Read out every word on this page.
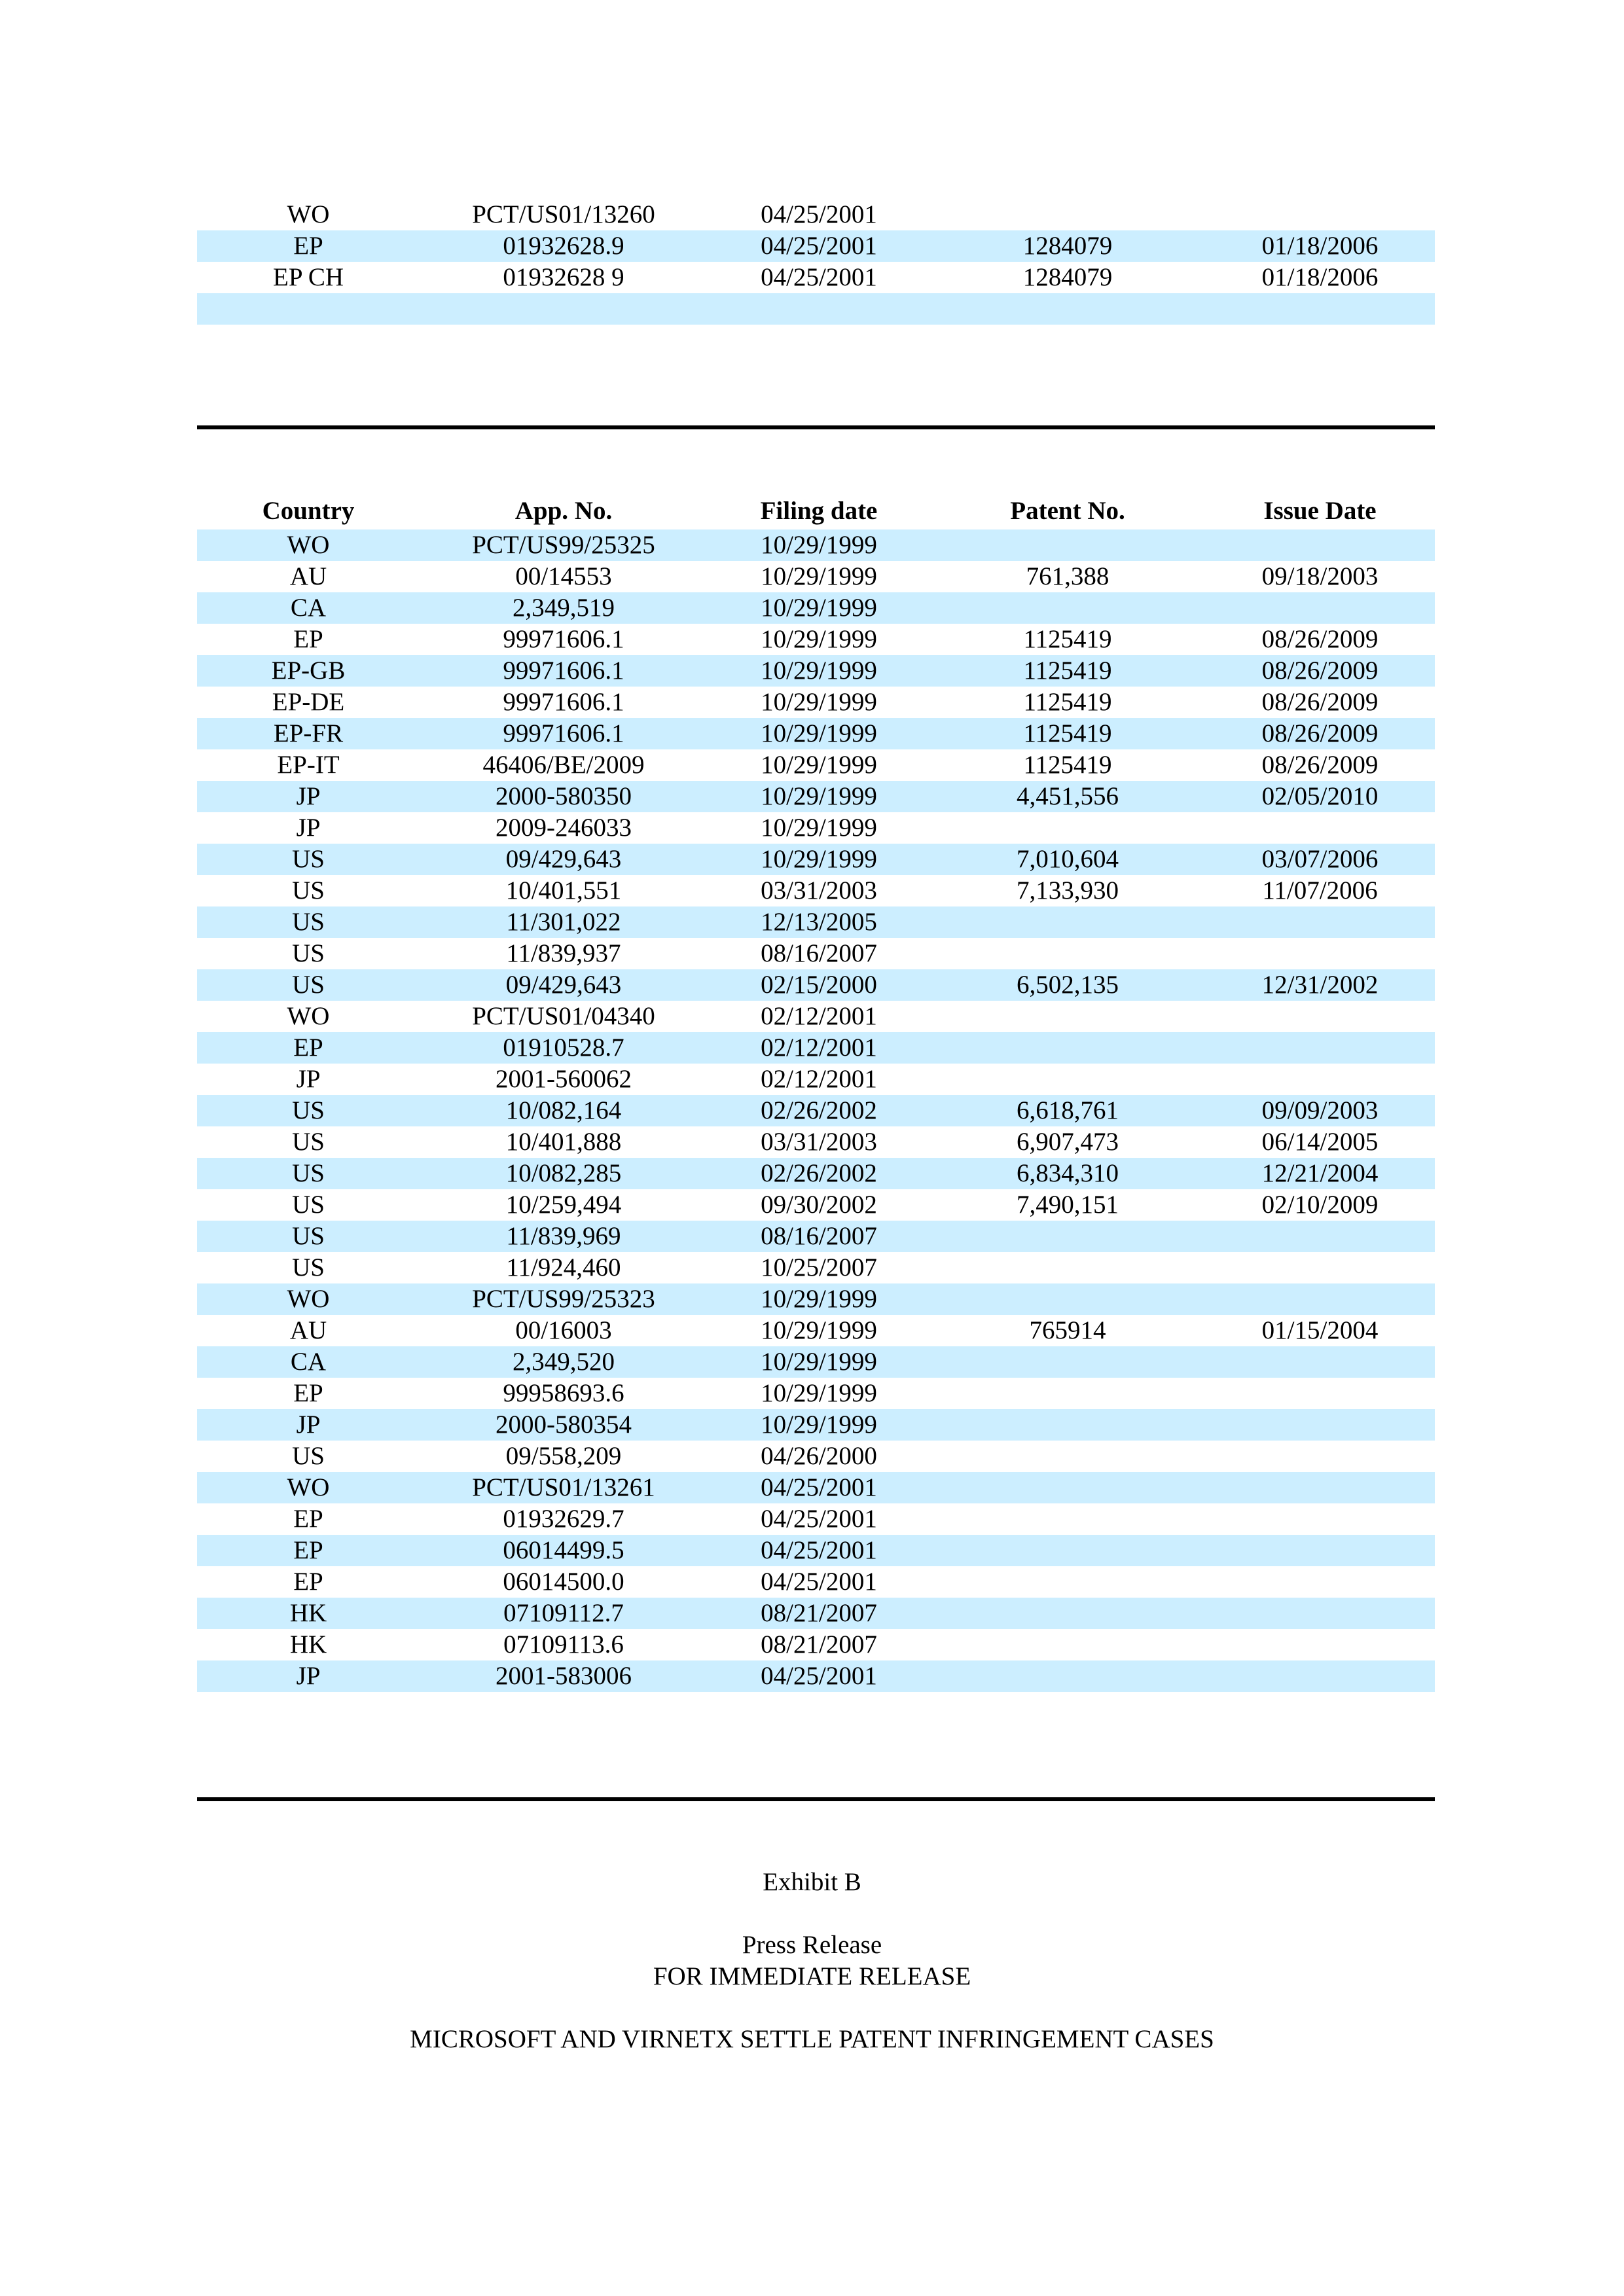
WO	PCT/US01/13260	04/25/2001		
EP	01932628.9	04/25/2001	1284079	01/18/2006
EP CH	01932628 9	04/25/2001	1284079	01/18/2006

Country	App. No.	Filing date	Patent No.	Issue Date
WO	PCT/US99/25325	10/29/1999		
AU	00/14553	10/29/1999	761,388	09/18/2003
CA	2,349,519	10/29/1999		
EP	99971606.1	10/29/1999	1125419	08/26/2009
EP-GB	99971606.1	10/29/1999	1125419	08/26/2009
EP-DE	99971606.1	10/29/1999	1125419	08/26/2009
EP-FR	99971606.1	10/29/1999	1125419	08/26/2009
EP-IT	46406/BE/2009	10/29/1999	1125419	08/26/2009
JP	2000-580350	10/29/1999	4,451,556	02/05/2010
JP	2009-246033	10/29/1999		
US	09/429,643	10/29/1999	7,010,604	03/07/2006
US	10/401,551	03/31/2003	7,133,930	11/07/2006
US	11/301,022	12/13/2005		
US	11/839,937	08/16/2007		
US	09/429,643	02/15/2000	6,502,135	12/31/2002
WO	PCT/US01/04340	02/12/2001		
EP	01910528.7	02/12/2001		
JP	2001-560062	02/12/2001		
US	10/082,164	02/26/2002	6,618,761	09/09/2003
US	10/401,888	03/31/2003	6,907,473	06/14/2005
US	10/082,285	02/26/2002	6,834,310	12/21/2004
US	10/259,494	09/30/2002	7,490,151	02/10/2009
US	11/839,969	08/16/2007		
US	11/924,460	10/25/2007		
WO	PCT/US99/25323	10/29/1999		
AU	00/16003	10/29/1999	765914	01/15/2004
CA	2,349,520	10/29/1999		
EP	99958693.6	10/29/1999		
JP	2000-580354	10/29/1999		
US	09/558,209	04/26/2000		
WO	PCT/US01/13261	04/25/2001		
EP	01932629.7	04/25/2001		
EP	06014499.5	04/25/2001		
EP	06014500.0	04/25/2001		
HK	07109112.7	08/21/2007		
HK	07109113.6	08/21/2007		
JP	2001-583006	04/25/2001		
Exhibit B
Press Release
FOR IMMEDIATE RELEASE
MICROSOFT AND VIRNETX SETTLE PATENT INFRINGEMENT CASES
